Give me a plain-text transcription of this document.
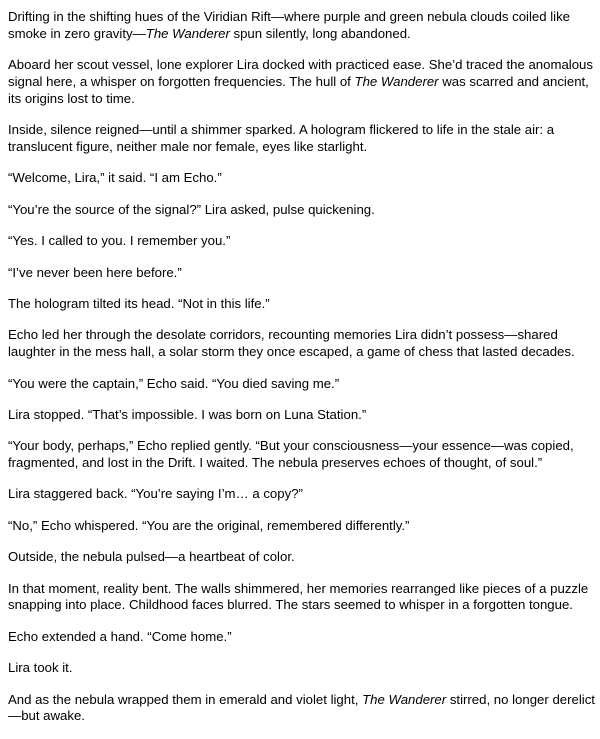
Drifting in the shifting hues of the Viridian Rift—where purple and green nebula clouds coiled like smoke in zero gravity—The Wanderer spun silently, long abandoned.

Aboard her scout vessel, lone explorer Lira docked with practiced ease. She’d traced the anomalous signal here, a whisper on forgotten frequencies. The hull of The Wanderer was scarred and ancient, its origins lost to time.

Inside, silence reigned—until a shimmer sparked. A hologram flickered to life in the stale air: a translucent figure, neither male nor female, eyes like starlight.

“Welcome, Lira,” it said. “I am Echo.”

“You’re the source of the signal?” Lira asked, pulse quickening.

“Yes. I called to you. I remember you.”

“I’ve never been here before.”

The hologram tilted its head. “Not in this life.”

Echo led her through the desolate corridors, recounting memories Lira didn’t possess—shared laughter in the mess hall, a solar storm they once escaped, a game of chess that lasted decades.

“You were the captain,” Echo said. “You died saving me.”

Lira stopped. “That’s impossible. I was born on Luna Station.”

“Your body, perhaps,” Echo replied gently. “But your consciousness—your essence—was copied, fragmented, and lost in the Drift. I waited. The nebula preserves echoes of thought, of soul.”

Lira staggered back. “You’re saying I’m… a copy?”

“No,” Echo whispered. “You are the original, remembered differently.”

Outside, the nebula pulsed—a heartbeat of color.

In that moment, reality bent. The walls shimmered, her memories rearranged like pieces of a puzzle snapping into place. Childhood faces blurred. The stars seemed to whisper in a forgotten tongue.

Echo extended a hand. “Come home.”

Lira took it.

And as the nebula wrapped them in emerald and violet light, The Wanderer stirred, no longer derelict—but awake.
